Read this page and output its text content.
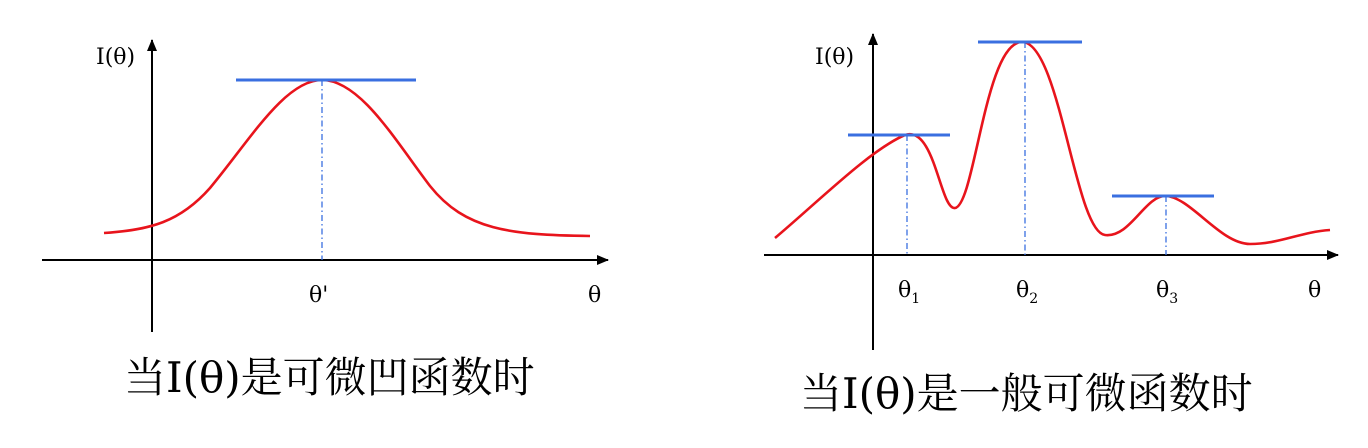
I(θ)
θ'	θ
当I(θ)是可微凹函数时
I(θ)
θ1	θ2	θ3	θ
当I(θ)是一般可微函数时
